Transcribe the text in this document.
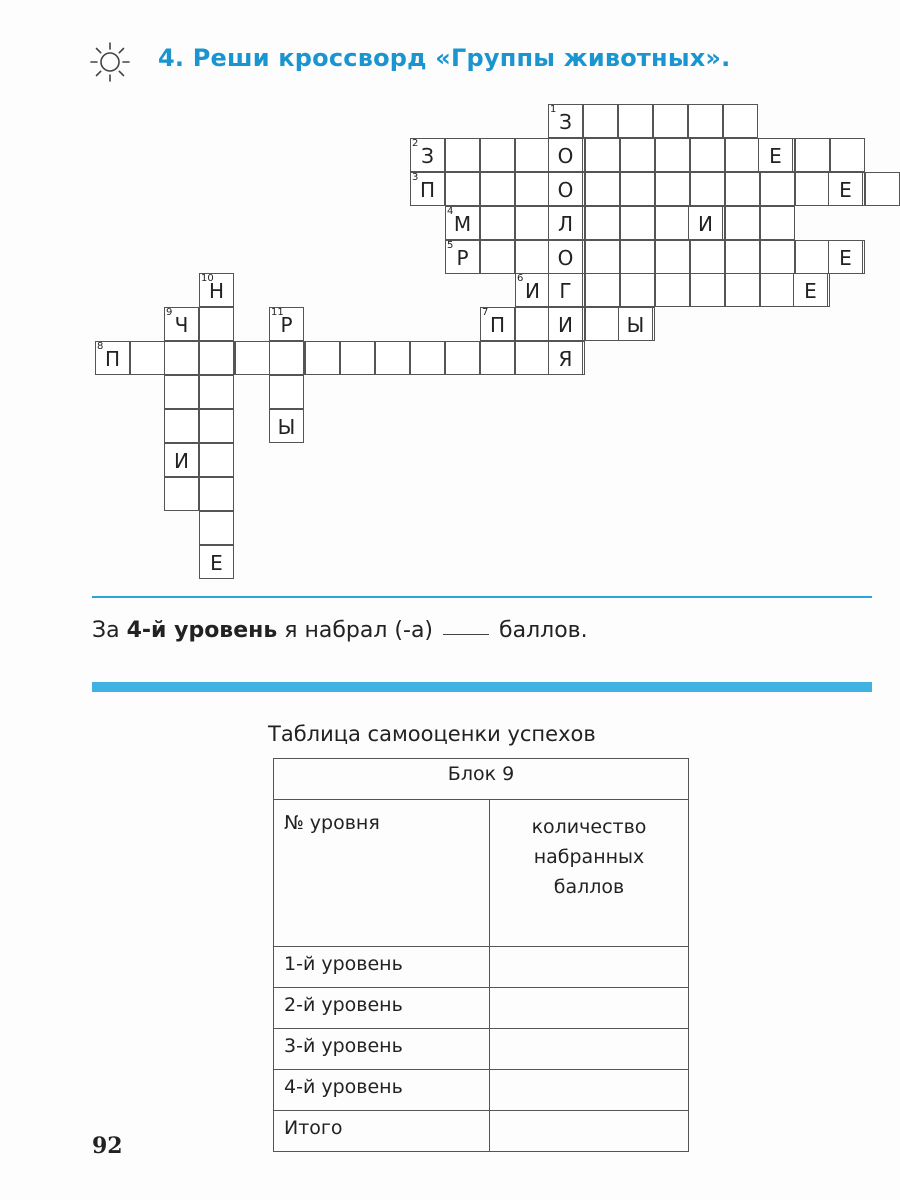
4. Реши кроссворд «Группы животных».
1
З
2
З
3
П
4
М
5
Р
6
И
7
П
8
П
10
Н
Е
9
Ч
И
11
Р
Ы
О	Е
О	Е
Л	И
О	Е
Г	Е
И	Ы
Я

За 4-й уровень я набрал (-а)	баллов.

Таблица самооценки успехов

Блок 9	
№ уровня	количество набранных баллов
1-й уровень	
2-й уровень	
3-й уровень	
4-й уровень	
Итого	

92
